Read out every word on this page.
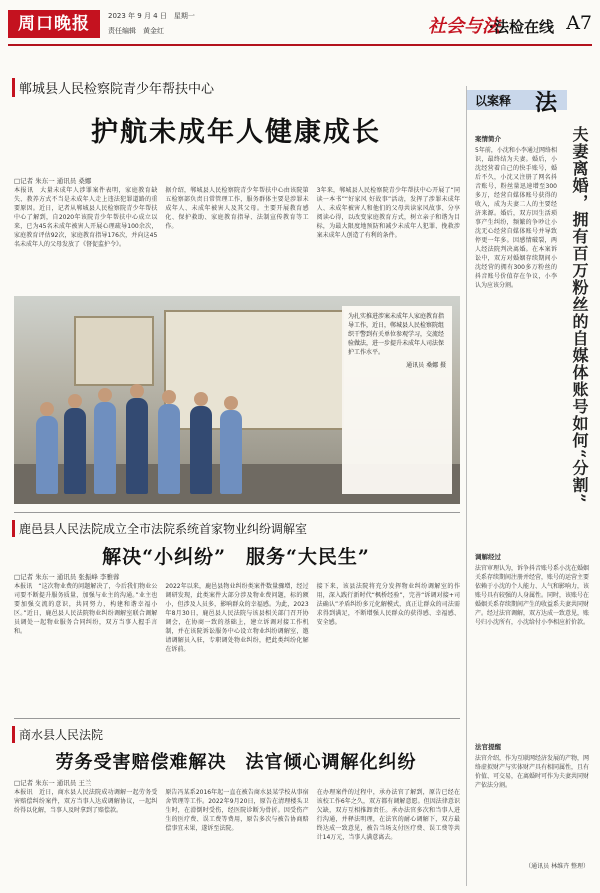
周口晚报	2023 年 9 月 4 日　星期一
责任编辑　黄金红	社会与法
·法检在线 A7
郸城县人民检察院青少年帮扶中心
护航未成年人健康成长
□记者 朱东一 通讯员 桑娜

本报讯　大量未成年人涉罪案件表明，家庭教育缺失、教养方式不当是未成年人走上违法犯罪道路的重要原因。近日，记者从郸城县人民检察院青少年帮扶中心了解到，自2020年该院青少年帮扶中心成立以来，已为45名未成年被害人开展心理疏导100余次，家庭教育评估92次，家庭教育指导176次，并向这45名未成年人的父母发放了《督促监护令》。

据介绍，郸城县人民检察院青少年帮扶中心由该院第五检察部负责日常管理工作，服务群体主要是涉罪未成年人、未成年被害人及其父母。主要开展教育感化、保护救助、家庭教育指导、法制宣传教育等工作。

3年来，郸城县人民检察院青少年帮扶中心开展了“同读一本书”“好家风 好故事”活动，发挥了涉罪未成年人、未成年被害人和他们的父母共读家风故事、分享阅读心得，以改变家庭教育方式，树立亲子和谐为目标，为最大限度地预防和减少未成年人犯罪、挽救涉案未成年人创造了有利的条件。

为扎实推进涉案未成年人家庭教育指导工作，近日，郸城县人民检察院组织干警到有关单位参观学习，交流经验做法，进一步提升未成年人司法保护工作水平。

通讯员 桑娜 摄

鹿邑县人民法院成立全市法院系统首家物业纠纷调解室
解决“小纠纷”　服务“大民生”
□记者 朱东一 通讯员 张振峰 李雅蓉

本报讯　“这次物业费的问题解决了，今后我们物业公司要不断提升服务质量，加强与业主的沟通。”业主也要加强交流的意识，共同努力，构建和谐幸福小区。”近日，鹿邑县人民法院物业纠纷调解室联合调解员调处一起物业服务合同纠纷，双方当事人握手言和。

2022年以来，鹿邑县物业纠纷类案件数量骤增，经过调研发现，此类案件大部分涉及物业费问题，标的额小，但涉及人员多，影响群众的幸福感。为此，2023年8月30日，鹿邑县人民法院与该县相关部门召开协调会，在协商一致的基础上，建立诉调对接工作机制，并在该院诉讼服务中心设立物业纠纷调解室，邀请调解员入驻，专职调处物业纠纷，把此类纠纷化解在诉前。

接下来，该县法院将充分发挥物业纠纷调解室的作用，深入践行新时代“枫桥经验”，完善“诉调对接+司法确认”矛盾纠纷多元化解模式，真正让群众的司法需求得到满足，不断增强人民群众的获得感、幸福感、安全感。

商水县人民法院
劳务受害赔偿难解决　法官倾心调解化纠纷
□记者 朱东一 通讯员 王兰

本报讯　近日，商水县人民法院成功调解一起劳务受害赔偿纠纷案件，双方当事人达成调解协议，一起纠纷得以化解，当事人及时拿到了赔偿款。

原告冯某系2016年起一直在被告商水县某学校从事宿舍管理等工作。2022年9月20日，原告在清理楼头卫生时，在滑倒时受伤，经医院诊断为骨折。因受伤产生的医疗费、误工费等费用，原告多次与被告协商赔偿事宜未果，遂诉至法院。

在办理案件的过程中，承办法官了解到，原告已经在该校工作6年之久，双方都有调解意愿。但因法律意识欠缺，双方互相推卸责任。承办法官多次和当事人进行沟通，并释法明理，在法官的耐心调解下，双方最终达成一致意见，被告当场支付医疗费、误工费等共计14万元，当事人满意离去。

以案释 法
夫妻离婚，拥有百万粉丝的自媒体账号如何“分割”
案情简介
5年前，小沈和小李通过网络相识，最终结为夫妻。婚后，小沈经营着自己的快手账号，婚后不久，小沈又注册了网名抖音账号，粉丝量迅速增至300多万，经营自媒体账号获得的收入，成为夫妻二人的主要经济来源。婚后，双方因生活琐事产生纠纷，频繁的争吵让小沈无心经营自媒体账号并导致停更一年多。因感情破裂，两人经法院判决离婚。在本案诉讼中，双方对婚姻存续期间小沈经营的拥有300多万粉丝的抖音账号价值存在争议，小李认为应该分割。
调解经过
法官审理认为，诉争抖音账号系小沈在婚姻关系存续期间注册并经营，账号的运营主要依赖于小沈的个人能力、人气和影响力，该账号具有较强的人身属性。同时，该账号在婚姻关系存续期间产生的收益系夫妻共同财产。经过法官调解，双方达成一致意见，账号归小沈所有，小沈给付小李相应折价款。
法官提醒
法官介绍，作为互联网经济发展的产物，网络虚拟财产与实体财产具有相同属性，且有价值、可交易，在离婚时可作为夫妻共同财产依法分割。
（通讯员 林维卉 整理）
